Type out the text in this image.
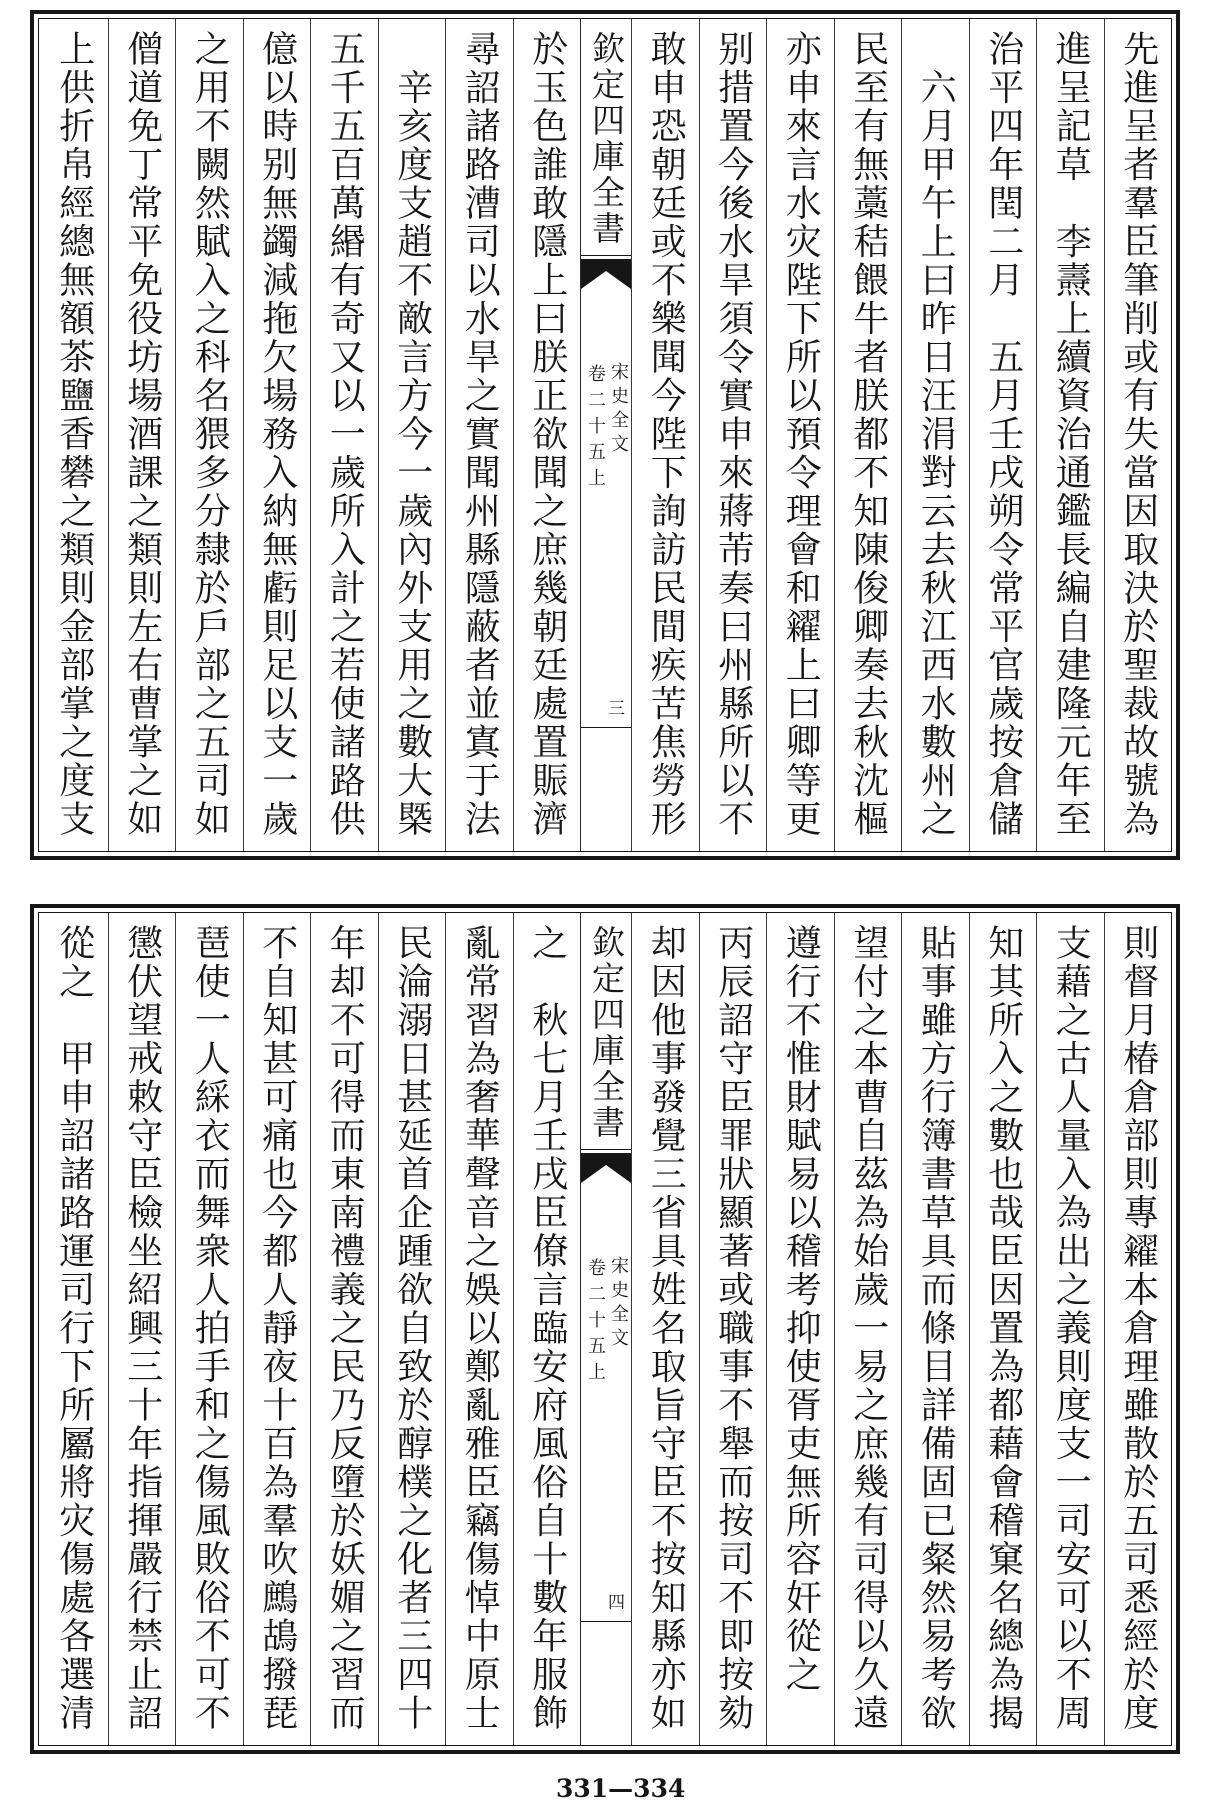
先進呈者羣臣筆削或有失當因取決於聖裁故號為
進呈記草　李燾上續資治通鑑長編自建隆元年至
治平四年閏二月　五月壬戌朔令常平官歲按倉儲
　六月甲午上曰昨日汪涓對云去秋江西水數州之
民至有無藁秸餵牛者朕都不知陳俊卿奏去秋沈樞
亦申來言水灾陛下所以預令理會和糴上曰卿等更
别措置今後水旱須令實申來蔣芾奏曰州縣所以不
敢申恐朝廷或不樂聞今陛下詢訪民間疾苦焦勞形
欽定四庫全書
宋史全文
卷二十五上
三
於玉色誰敢隱上曰朕正欲聞之庶幾朝廷處置賑濟
尋詔諸路漕司以水旱之實聞州縣隱蔽者並寘于法
　辛亥度支趙不敵言方今一歲內外支用之數大槩
五千五百萬緡有奇又以一歲所入計之若使諸路供
億以時别無蠲減拖欠場務入納無虧則足以支一歲
之用不闕然賦入之科名猥多分隸於戶部之五司如
僧道免丁常平免役坊場酒課之類則左右曹掌之如
上供折帛經總無額茶鹽香礬之類則金部掌之度支
則督月椿倉部則專糴本倉理雖散於五司悉經於度
支藉之古人量入為出之義則度支一司安可以不周
知其所入之數也哉臣因置為都藉會稽窠名總為揭
貼事雖方行簿書草具而條目詳備固已粲然易考欲
望付之本曹自茲為始歲一易之庶幾有司得以久遠
遵行不惟財賦易以稽考抑使胥吏無所容奸從之
丙辰詔守臣罪狀顯著或職事不舉而按司不即按劾
却因他事發覺三省具姓名取旨守臣不按知縣亦如
欽定四庫全書
宋史全文
卷二十五上
四
之　秋七月壬戌臣僚言臨安府風俗自十數年服飾
亂常習為奢華聲音之娛以鄭亂雅臣竊傷悼中原士
民淪溺日甚延首企踵欲自致於醇樸之化者三四十
年却不可得而東南禮義之民乃反墮於妖媚之習而
不自知甚可痛也今都人靜夜十百為羣吹鷓鴣撥琵
琶使一人綵衣而舞衆人拍手和之傷風敗俗不可不
懲伏望戒敕守臣檢坐紹興三十年指揮嚴行禁止詔
從之　甲申詔諸路運司行下所屬將灾傷處各選清
331—334
